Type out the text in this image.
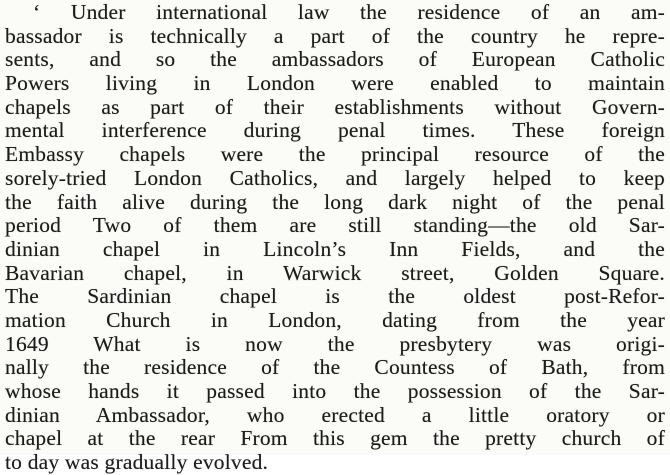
‘ Under international law the residence of an am-
bassador is technically a part of the country he repre-
sents, and so the ambassadors of European Catholic
Powers living in London were enabled to maintain
chapels as part of their establishments without Govern-
mental interference during penal times. These foreign
Embassy chapels were the principal resource of the
sorely-tried London Catholics, and largely helped to keep
the faith alive during the long dark night of the penal
period Two of them are still standing—the old Sar-
dinian chapel in Lincoln’s Inn Fields, and the
Bavarian chapel, in Warwick street, Golden Square.
The Sardinian chapel is the oldest post-Refor-
mation Church in London, dating from the year
1649 What is now the presbytery was origi-
nally the residence of the Countess of Bath, from
whose hands it passed into the possession of the Sar-
dinian Ambassador, who erected a little oratory or
chapel at the rear From this gem the pretty church of
to day was gradually evolved.
